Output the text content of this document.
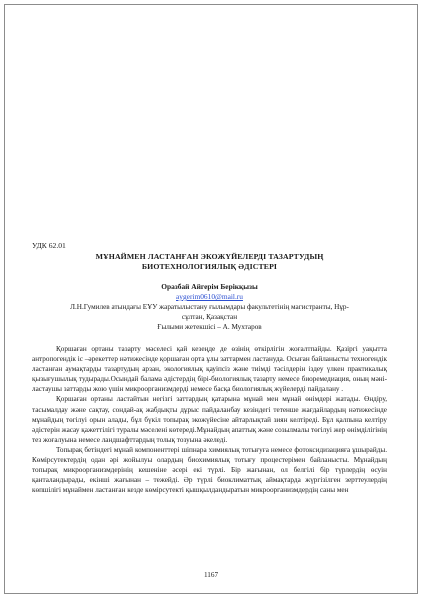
УДК 62.01

МҰНАЙМЕН ЛАСТАНҒАН ЭКОЖҮЙЕЛЕРДІ ТАЗАРТУДЫҢ
БИОТЕХНОЛОГИЯЛЫҚ ӘДІСТЕРІ

Оразбай Айгерім Берікқызы

aygerim0610@mail.ru

Л.Н.Гумилев атындағы ЕҰУ жаратылыстану ғылымдары факультетінің магистранты, Нұр-

сұлтан, Қазақстан

Ғылыми жетекшісі – А. Мухтаров

Қоршаған ортаны тазарту мәселесі қай кезеңде де өзінің өткірлігін жоғалтпайды. Қазіргі уақытта антропогендік іс –әрекеттер нәтижесінде қоршаған орта ұлы заттармен ластануда. Осыған байланысты техногендік ластанған аумақтарды тазартудың арзан, экологиялық қауіпсіз және тиімді тәсілдерін іздеу үлкен практикалық қызығушылық тудырады.Осындай балама әдістердің бірі-биологиялық тазарту немесе биоремедиация, оның мәні-ластаушы заттарды жою үшін микроорганизмдерді немесе басқа биологиялық жүйелерді пайдалану .

Қоршаған ортаны ластайтын негізгі заттардың қатарына мұнай мен мұнай өнімдері жатады. Өндіру, тасымалдау және сақтау, сондай-ақ жабдықты дұрыс пайдаланбау кезіндегі тетенше жағдайлардың нәтижесінде мұнайдың төгілуі орын алады, бұл бүкіл топырақ экожүйесіне айтарлықтай зиян келтіреді. Бұл қалпына келтіру әдістерін жасау қажеттілігі туралы мәселені көтереді.Мұнайдың апаттық және созылмалы төгілуі жер өнімділігінің тез жоғалуына немесе ландшафттардың толық тозуына әкеледі.

Топырақ бетіндегі мұнай компоненттері шіпнара химиялық тотығуға немесе фотоксидизацияға ұшырайды. Көмірсутектердің одан әрі жойылуы олардың биохимиялық тотығу процестерімен байланысты. Мұнайдың топырақ микроорганизмдерінің кешеніне әсері екі түрлі. Бір жағынан, ол белгілі бір түрлердің өсуін қанталандырады, екінші жағынан – тежейді. Әр түрлі биоклиматтық аймақтарда жүргізілген зерттеулердің көпшілігі мұнаймен ластанған кезде көмірсутекті қышқылдандыратын микроорганизмдердің саны мен

1167
